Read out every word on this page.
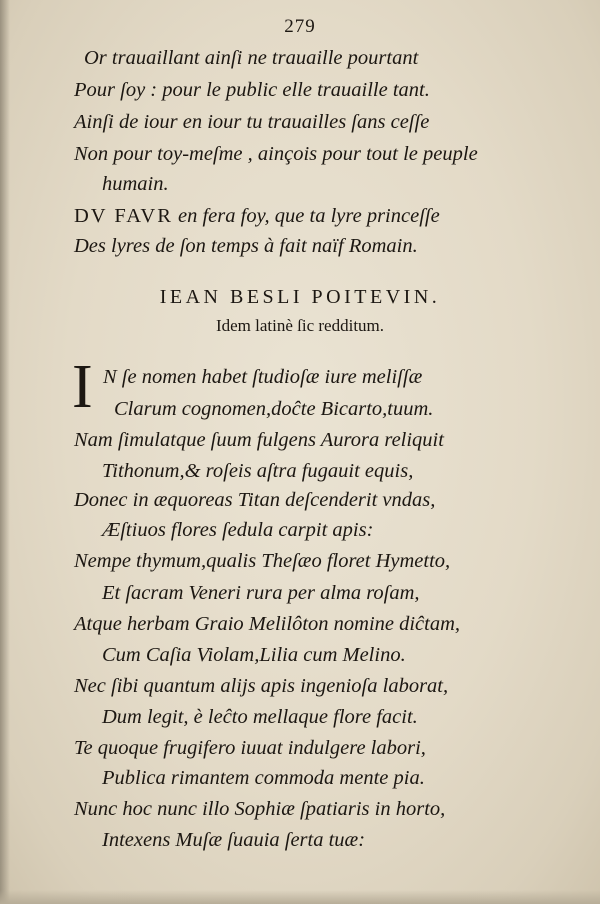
279
Or trauaillant ainſi ne trauaille pourtant
Pour ſoy : pour le public elle trauaille tant.
Ainſi de iour en iour tu trauailles ſans ceſſe
Non pour toy-meſme , ainçois pour tout le peuple
humain.
DV FAVR en fera foy, que ta lyre princeſſe
Des lyres de ſon temps à fait naïf Romain.
IEAN BESLI POITEVIN.
Idem latinè ſic redditum.
I N ſe nomen habet ſtudioſæ iure meliſſæ
Clarum cognomen,doĉte Bicarto,tuum.
Nam ſimulatque ſuum fulgens Aurora reliquit
Tithonum,& roſeis aſtra fugauit equis,
Donec in æquoreas Titan deſcenderit vndas,
Æſtiuos flores ſedula carpit apis:
Nempe thymum,qualis Theſæo floret Hymetto,
Et ſacram Veneri rura per alma roſam,
Atque herbam Graio Melilôton nomine diĉtam,
Cum Caſia Violam,Lilia cum Melino.
Nec ſibi quantum alijs apis ingenioſa laborat,
Dum legit, è leĉto mellaque flore facit.
Te quoque frugifero iuuat indulgere labori,
Publica rimantem commoda mente pia.
Nunc hoc nunc illo Sophiæ ſpatiaris in horto,
Intexens Muſæ ſuauia ſerta tuæ:
